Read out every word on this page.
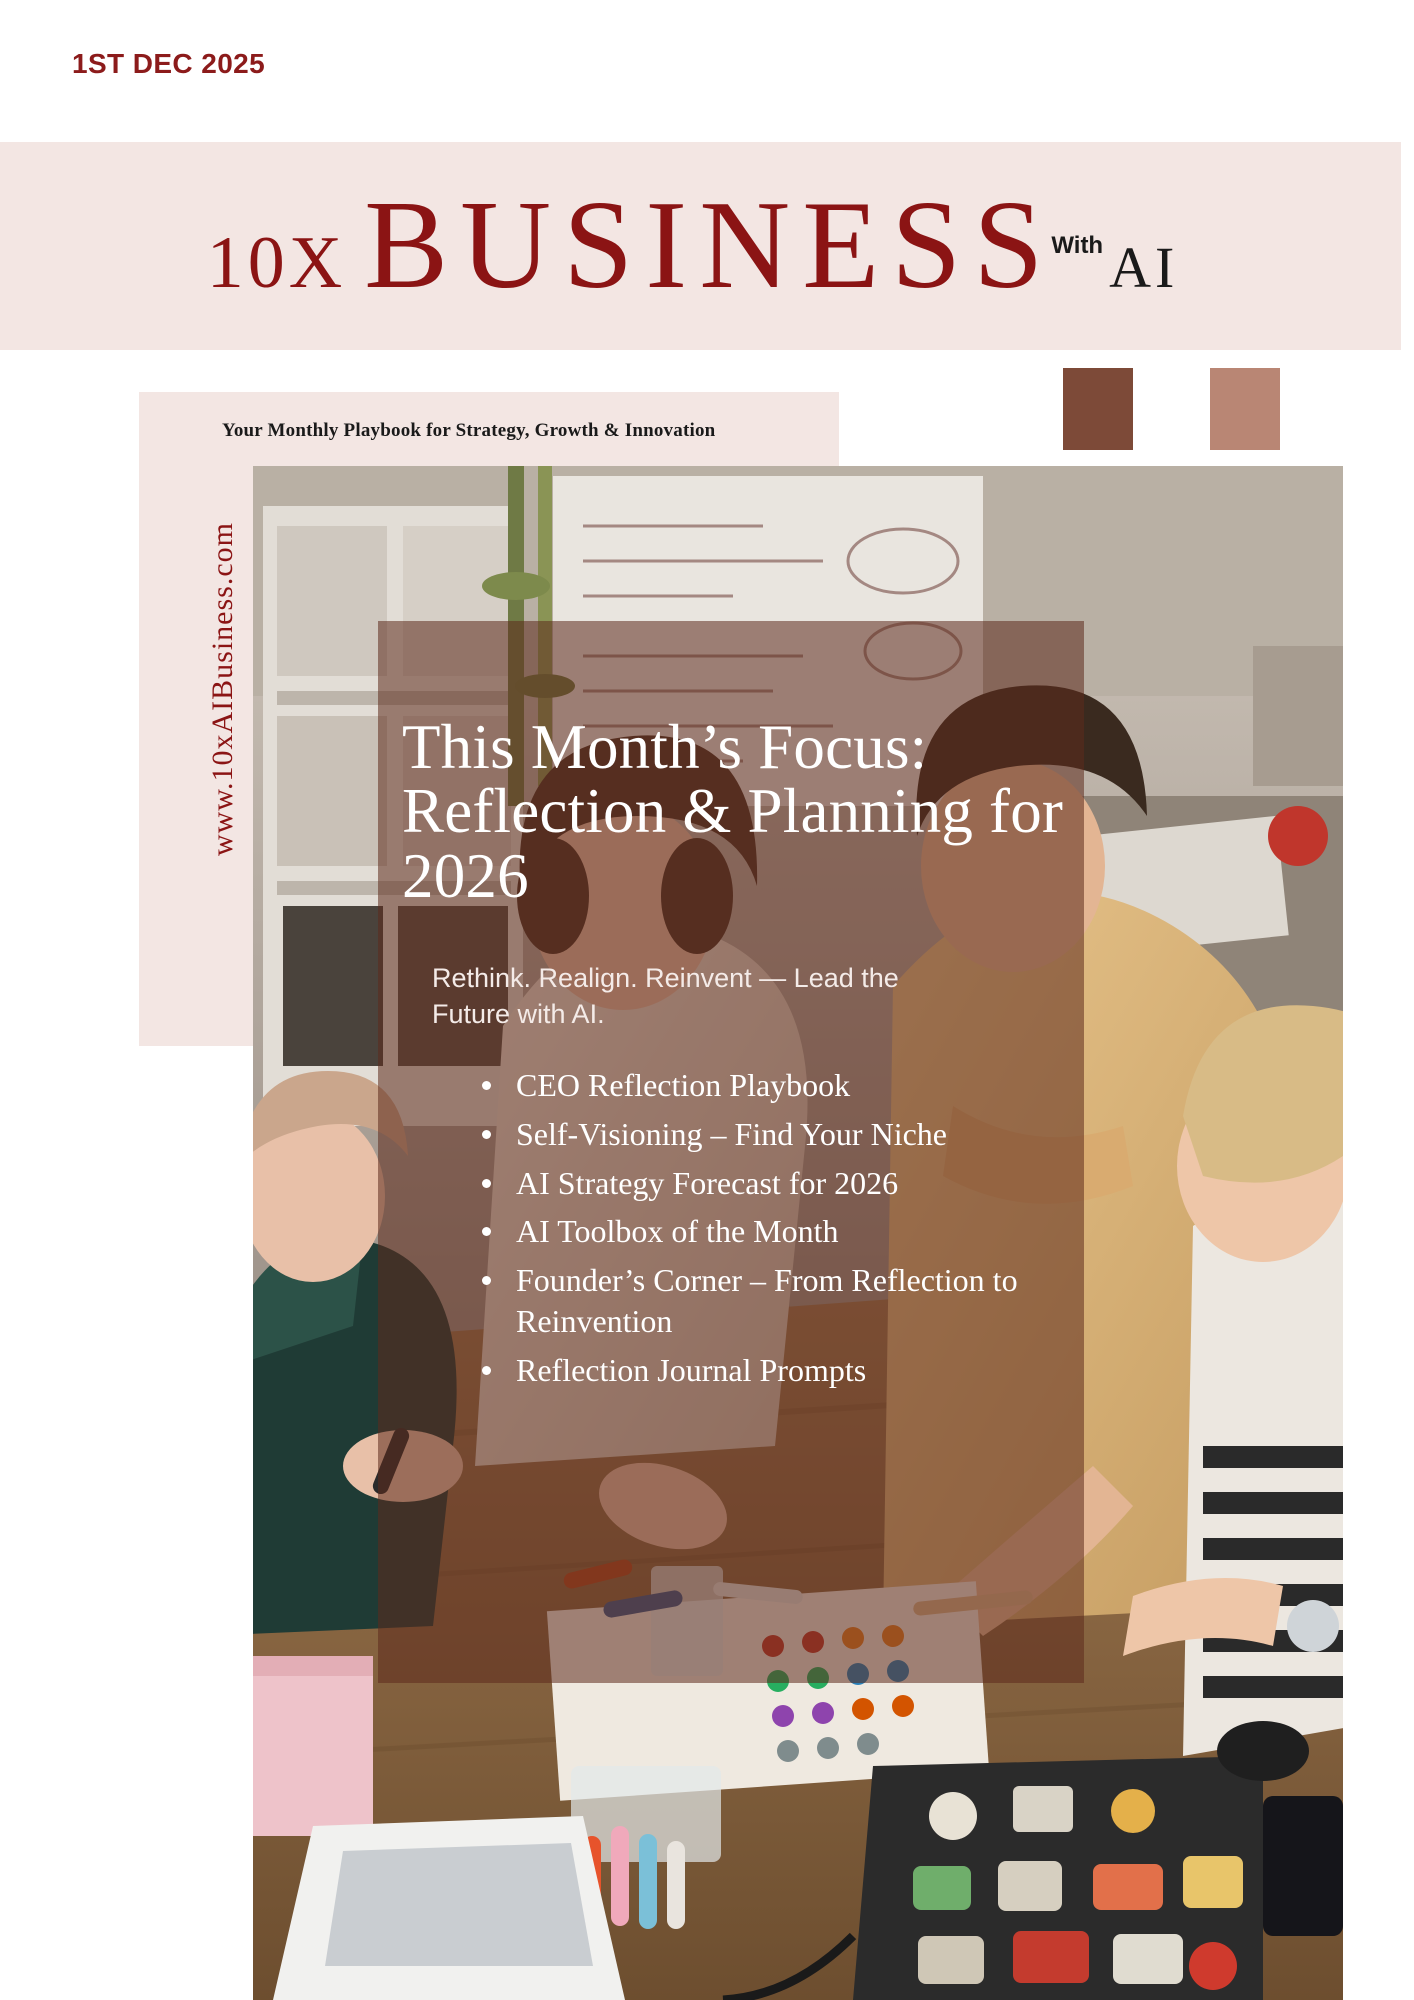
1ST DEC 2025
10X BUSINESS
With AI
Your Monthly Playbook for Strategy, Growth & Innovation
www.10xAIBusiness.com	This Month’s Focus: Reflection & Planning for 2026

Rethink. Realign. Reinvent — Lead the Future with AI.

CEO Reflection Playbook
Self-Visioning – Find Your Niche
AI Strategy Forecast for 2026
AI Toolbox of the Month
Founder’s Corner – From Reflection to Reinvention
Reflection Journal Prompts
